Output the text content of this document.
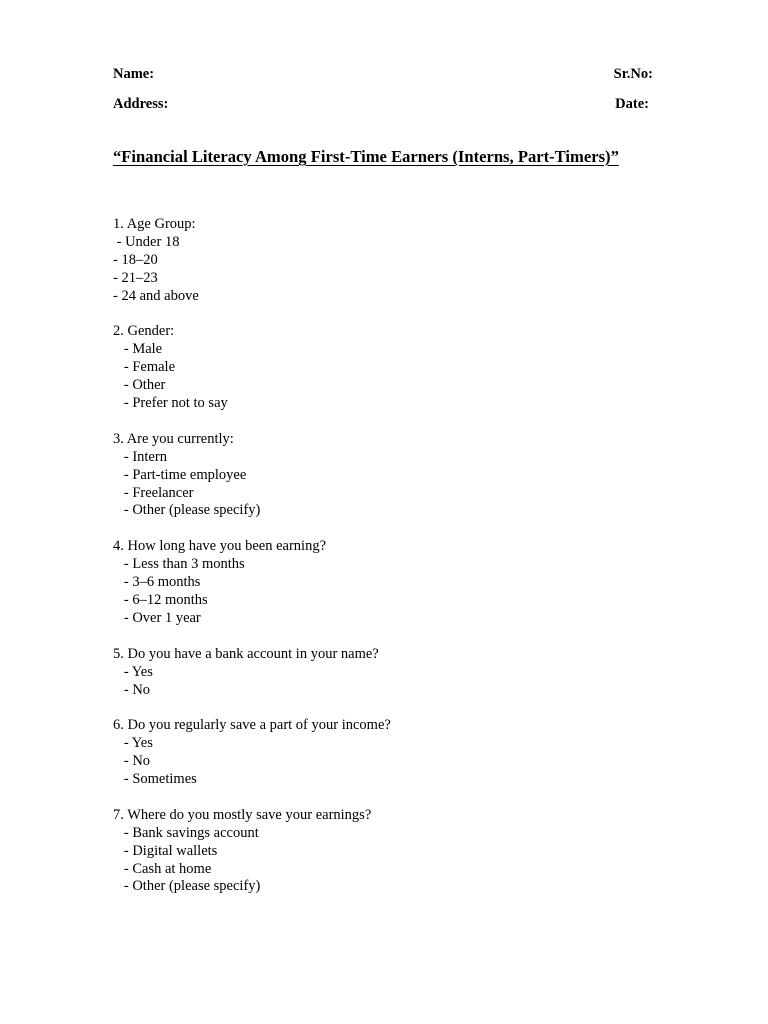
Name:	Sr.No:
Address:	Date:
“Financial Literacy Among First-Time Earners (Interns, Part-Timers)”
1. Age Group:
- Under 18
- 18–20
- 21–23
- 24 and above
2. Gender:
- Male
- Female
- Other
- Prefer not to say
3. Are you currently:
- Intern
- Part-time employee
- Freelancer
- Other (please specify)
4. How long have you been earning?
- Less than 3 months
- 3–6 months
- 6–12 months
- Over 1 year
5. Do you have a bank account in your name?
- Yes
- No
6. Do you regularly save a part of your income?
- Yes
- No
- Sometimes
7. Where do you mostly save your earnings?
- Bank savings account
- Digital wallets
- Cash at home
- Other (please specify)
